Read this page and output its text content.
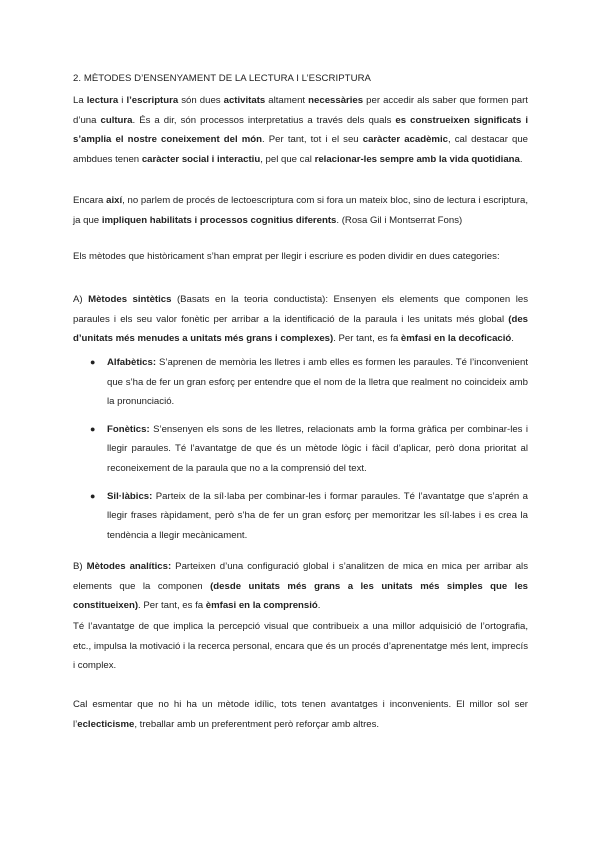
2. MÈTODES D’ENSENYAMENT DE LA LECTURA I L’ESCRIPTURA

La lectura i l’escriptura són dues activitats altament necessàries per accedir als saber que formen part d’una cultura. És a dir, són processos interpretatius a través dels quals es construeixen significats i s’amplia el nostre coneixement del món. Per tant, tot i el seu caràcter acadèmic, cal destacar que ambdues tenen caràcter social i interactiu, pel que cal relacionar-les sempre amb la vida quotidiana.

Encara així, no parlem de procés de lectoescriptura com si fora un mateix bloc, sino de lectura i escriptura, ja que impliquen habilitats i processos cognitius diferents. (Rosa Gil i Montserrat Fons)

Els mètodes que històricament s’han emprat per llegir i escriure es poden dividir en dues categories:

A) Mètodes sintètics (Basats en la teoria conductista): Ensenyen els elements que componen les paraules i els seu valor fonètic per arribar a la identificació de la paraula i les unitats més global (des d’unitats més menudes a unitats més grans i complexes). Per tant, es fa èmfasi en la decoficació.

● Alfabètics: S’aprenen de memòria les lletres i amb elles es formen les paraules. Té l’inconvenient que s’ha de fer un gran esforç per entendre que el nom de la lletra que realment no coincideix amb la pronunciació.
● Fonètics: S’ensenyen els sons de les lletres, relacionats amb la forma gràfica per combinar-les i llegir paraules. Té l’avantatge de que és un mètode lògic i fàcil d’aplicar, però dona prioritat al reconeixement de la paraula que no a la comprensió del text.
● Sil·làbics: Parteix de la síl·laba per combinar-les i formar paraules. Té l’avantatge que s’aprén a llegir frases ràpidament, però s’ha de fer un gran esforç per memoritzar les síl·labes i es crea la tendència a llegir mecànicament.

B) Mètodes analítics: Parteixen d’una configuració global i s’analitzen de mica en mica per arribar als elements que la componen (desde unitats més grans a les unitats més simples que les constitueixen). Per tant, es fa èmfasi en la comprensió.

Té l’avantatge de que implica la percepció visual que contribueix a una millor adquisició de l’ortografia, etc., impulsa la motivació i la recerca personal, encara que és un procés d’aprenentatge més lent, imprecís i complex.

Cal esmentar que no hi ha un mètode idílic, tots tenen avantatges i inconvenients. El millor sol ser l’eclecticisme, treballar amb un preferentment però reforçar amb altres.
